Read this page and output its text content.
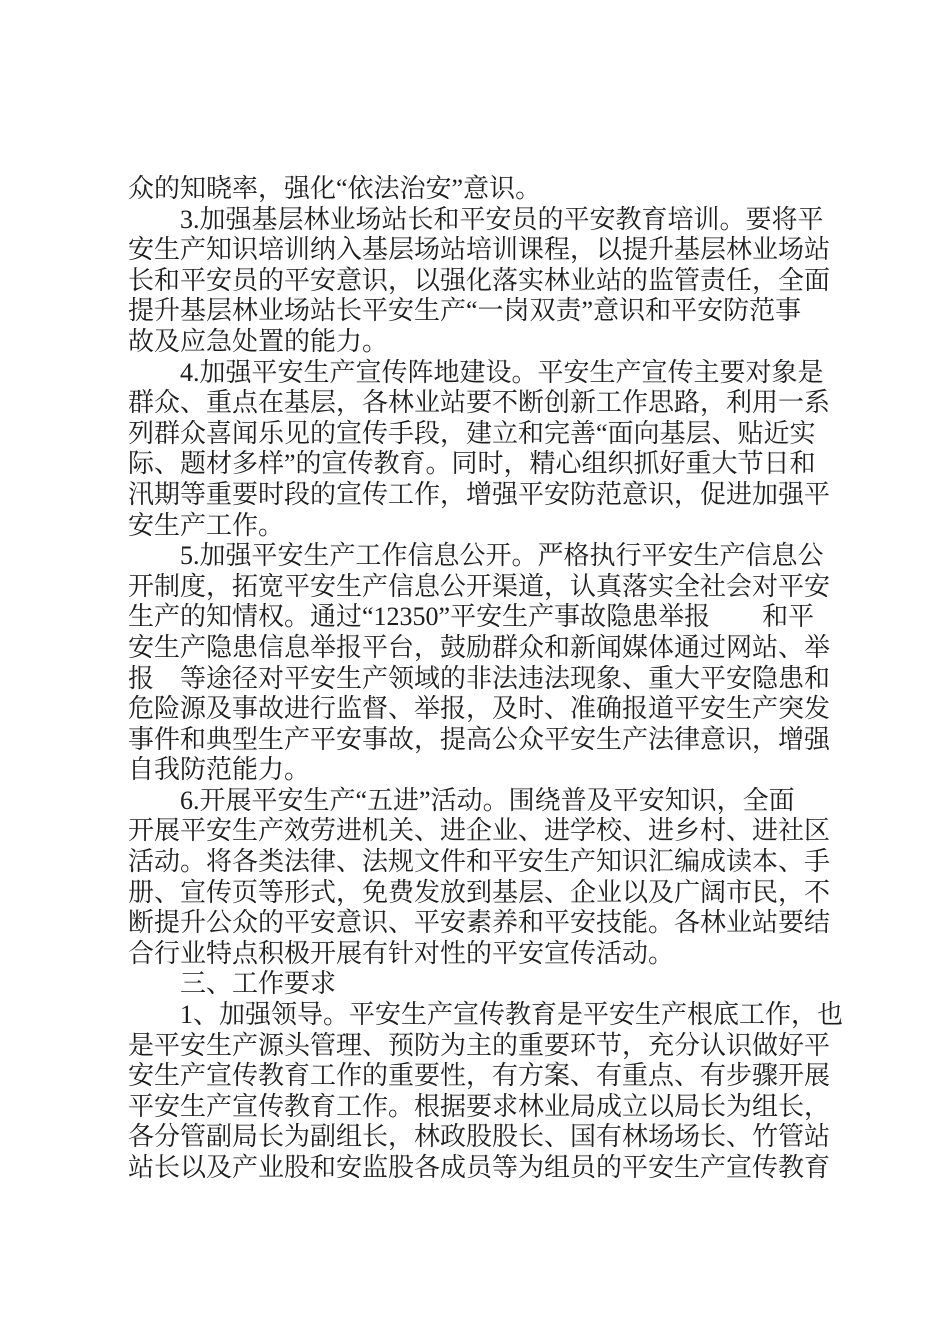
众的知晓率，强化“依法治安”意识。
　　3.加强基层林业场站长和平安员的平安教育培训。要将平
安生产知识培训纳入基层场站培训课程，以提升基层林业场站
长和平安员的平安意识，以强化落实林业站的监管责任，全面
提升基层林业场站长平安生产“一岗双责”意识和平安防范事
故及应急处置的能力。
　　4.加强平安生产宣传阵地建设。平安生产宣传主要对象是
群众、重点在基层，各林业站要不断创新工作思路，利用一系
列群众喜闻乐见的宣传手段，建立和完善“面向基层、贴近实
际、题材多样”的宣传教育。同时，精心组织抓好重大节日和
汛期等重要时段的宣传工作，增强平安防范意识，促进加强平
安生产工作。
　　5.加强平安生产工作信息公开。严格执行平安生产信息公
开制度，拓宽平安生产信息公开渠道，认真落实全社会对平安
生产的知情权。通过“12350”平安生产事故隐患举报　　和平
安生产隐患信息举报平台，鼓励群众和新闻媒体通过网站、举
报　等途径对平安生产领域的非法违法现象、重大平安隐患和
危险源及事故进行监督、举报，及时、准确报道平安生产突发
事件和典型生产平安事故，提高公众平安生产法律意识，增强
自我防范能力。
　　6.开展平安生产“五进”活动。围绕普及平安知识，全面
开展平安生产效劳进机关、进企业、进学校、进乡村、进社区
活动。将各类法律、法规文件和平安生产知识汇编成读本、手
册、宣传页等形式，免费发放到基层、企业以及广阔市民，不
断提升公众的平安意识、平安素养和平安技能。各林业站要结
合行业特点积极开展有针对性的平安宣传活动。
　　三、工作要求
　　1、加强领导。平安生产宣传教育是平安生产根底工作，也
是平安生产源头管理、预防为主的重要环节，充分认识做好平
安生产宣传教育工作的重要性，有方案、有重点、有步骤开展
平安生产宣传教育工作。根据要求林业局成立以局长为组长，
各分管副局长为副组长，林政股股长、国有林场场长、竹管站
站长以及产业股和安监股各成员等为组员的平安生产宣传教育
